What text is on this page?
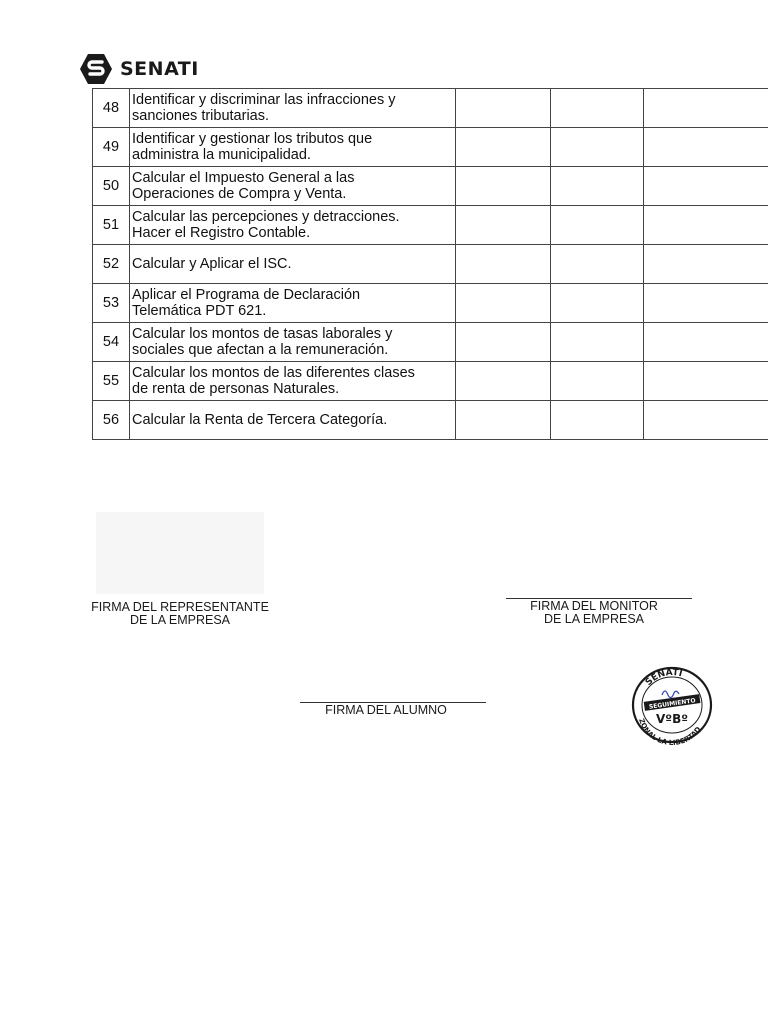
SENATI
48	Identificar y discriminar las infracciones y
sanciones tributarias.			
49	Identificar y gestionar los tributos que
administra la municipalidad.			
50	Calcular el Impuesto General a las
Operaciones de Compra y Venta.			
51	Calcular las percepciones y detracciones.
Hacer el Registro Contable.			
52	Calcular y Aplicar el ISC.			
53	Aplicar el Programa de Declaración
Telemática PDT 621.			
54	Calcular los montos de tasas laborales y
sociales que afectan a la remuneración.			
55	Calcular los montos de las diferentes clases
de renta de personas Naturales.			
56	Calcular la Renta de Tercera Categoría.			
FIRMA DEL REPRESENTANTE
DE LA EMPRESA
FIRMA DEL MONITOR
DE LA EMPRESA
FIRMA DEL ALUMNO
SENATI
SEGUIMIENTO
VºBº
ZONAL LA LIBERTAD
